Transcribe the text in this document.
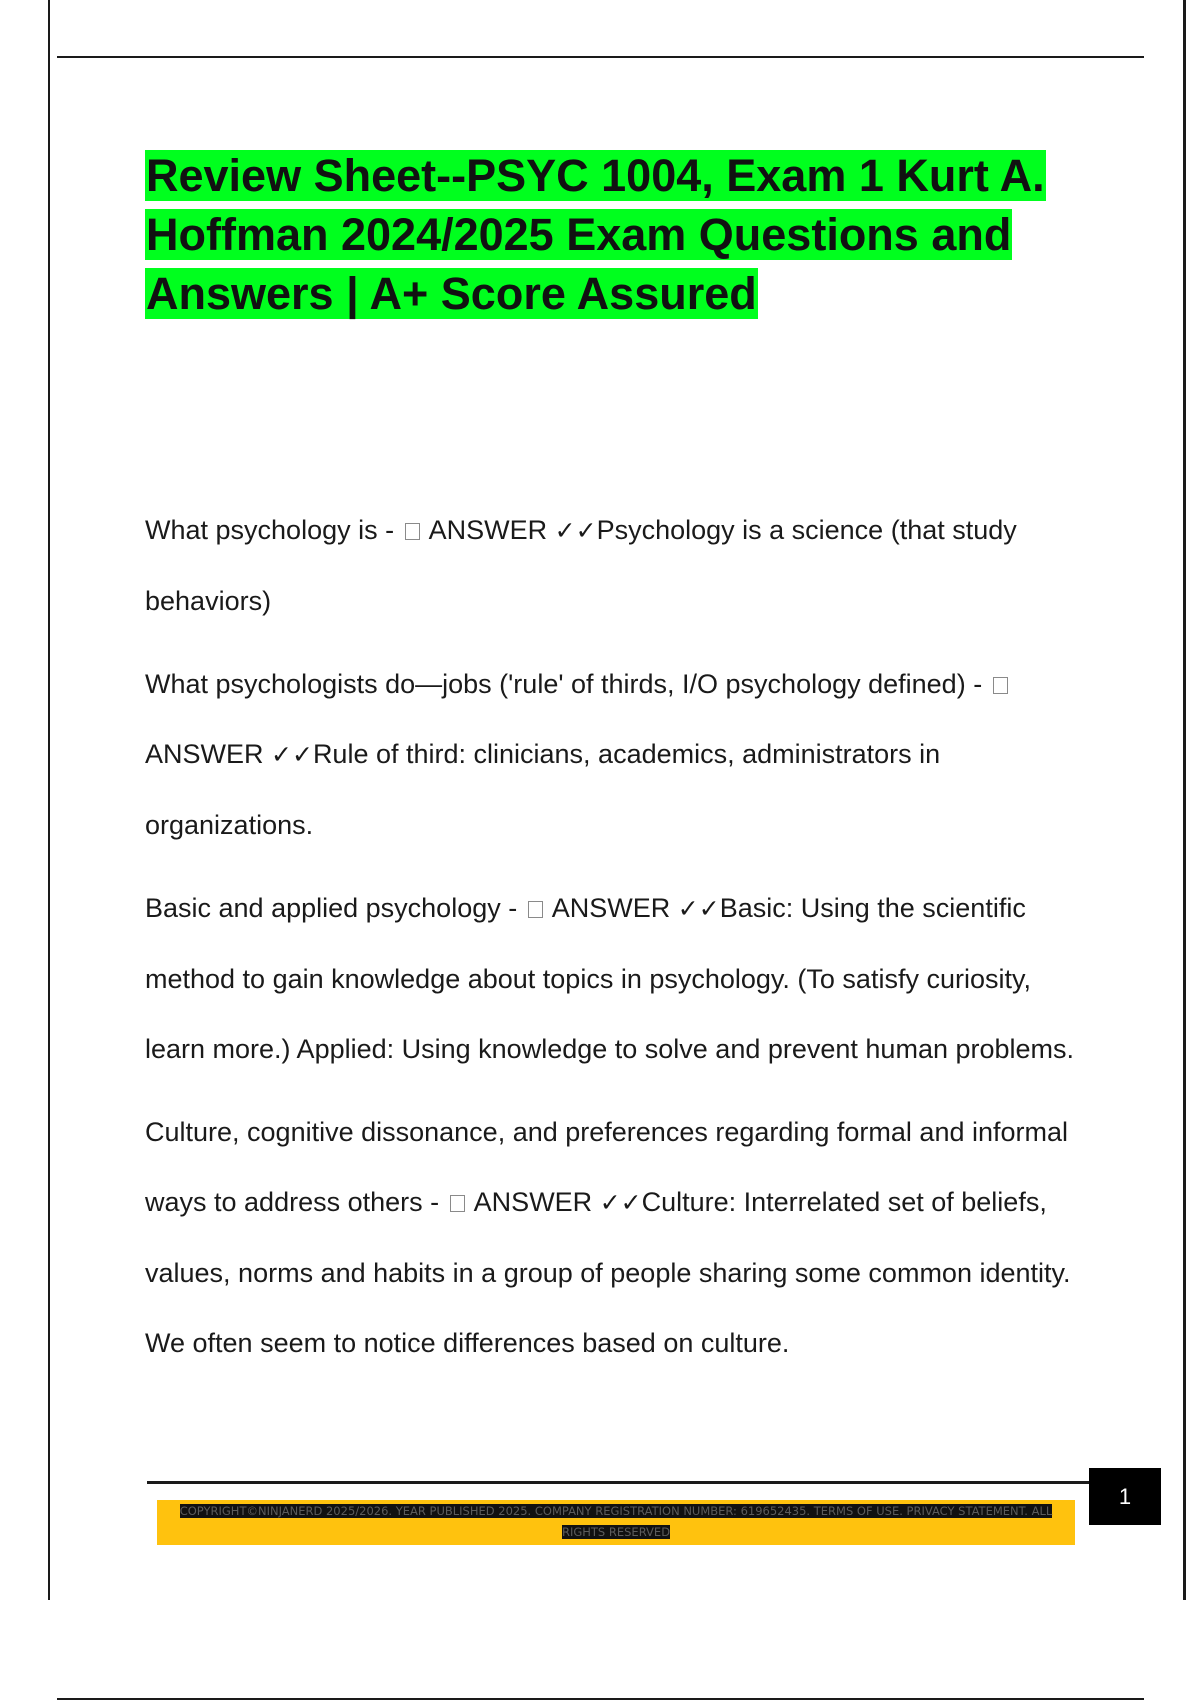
Review Sheet--PSYC 1004, Exam 1 Kurt A. Hoffman 2024/2025 Exam Questions and Answers | A+ Score Assured
What psychology is - ANSWER ✓✓Psychology is a science (that study behaviors)
What psychologists do—jobs ('rule' of thirds, I/O psychology defined) -  ANSWER ✓✓Rule of third: clinicians, academics, administrators in organizations.
Basic and applied psychology - ANSWER ✓✓Basic: Using the scientific method to gain knowledge about topics in psychology. (To satisfy curiosity, learn more.) Applied: Using knowledge to solve and prevent human problems.
Culture, cognitive dissonance, and preferences regarding formal and informal ways to address others - ANSWER ✓✓Culture: Interrelated set of beliefs, values, norms and habits in a group of people sharing some common identity. We often seem to notice differences based on culture.
1
COPYRIGHT©NINJANERD 2025/2026. YEAR PUBLISHED 2025. COMPANY REGISTRATION NUMBER: 619652435. TERMS OF USE. PRIVACY STATEMENT. ALL RIGHTS RESERVED
